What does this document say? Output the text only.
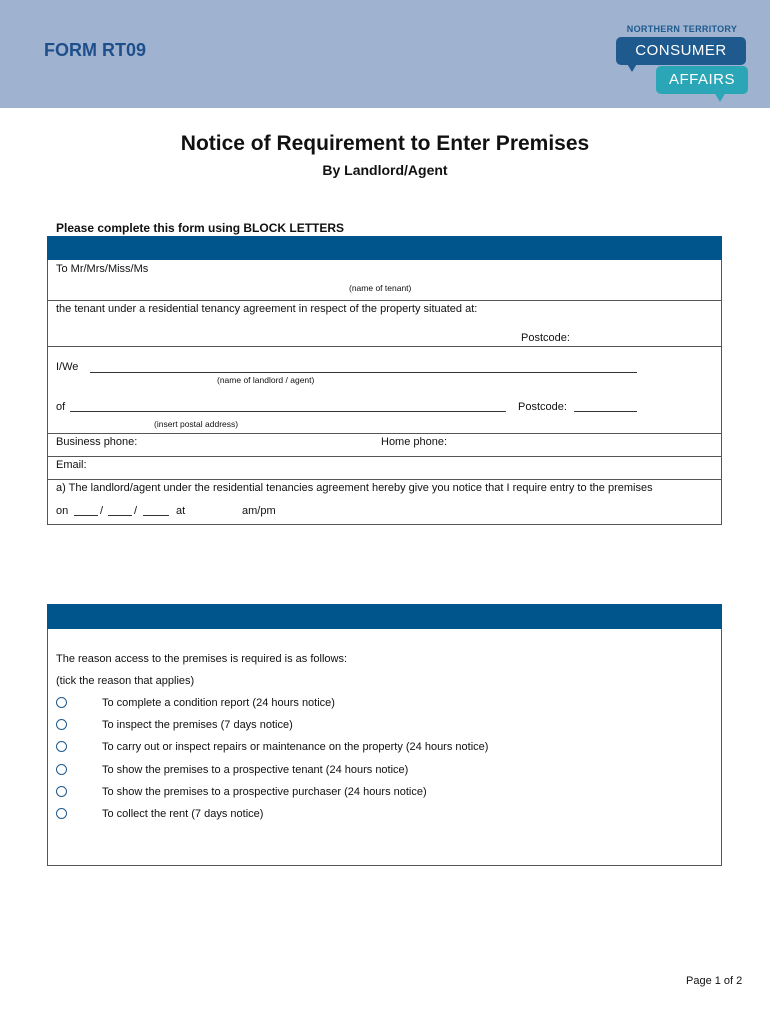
FORM RT09
NORTHERN TERRITORY
CONSUMER
AFFAIRS
Notice of Requirement to Enter Premises
By Landlord/Agent
Please complete this form using BLOCK LETTERS
To Mr/Mrs/Miss/Ms
(name of tenant)
the tenant under a residential tenancy agreement in respect of the property situated at:
Postcode:
I/We
(name of landlord / agent)
of	Postcode:
(insert postal address)
Business phone:	Home phone:
Email:
a) The landlord/agent under the residential tenancies agreement hereby give you notice that I require entry to the premises
on	/	/	at	am/pm
The reason access to the premises is required is as follows:
(tick the reason that applies)
To complete a condition report (24 hours notice)
To inspect the premises (7 days notice)
To carry out or inspect repairs or maintenance on the property (24 hours notice)
To show the premises to a prospective tenant (24 hours notice)
To show the premises to a prospective purchaser (24 hours notice)
To collect the rent (7 days notice)
Page 1 of 2
